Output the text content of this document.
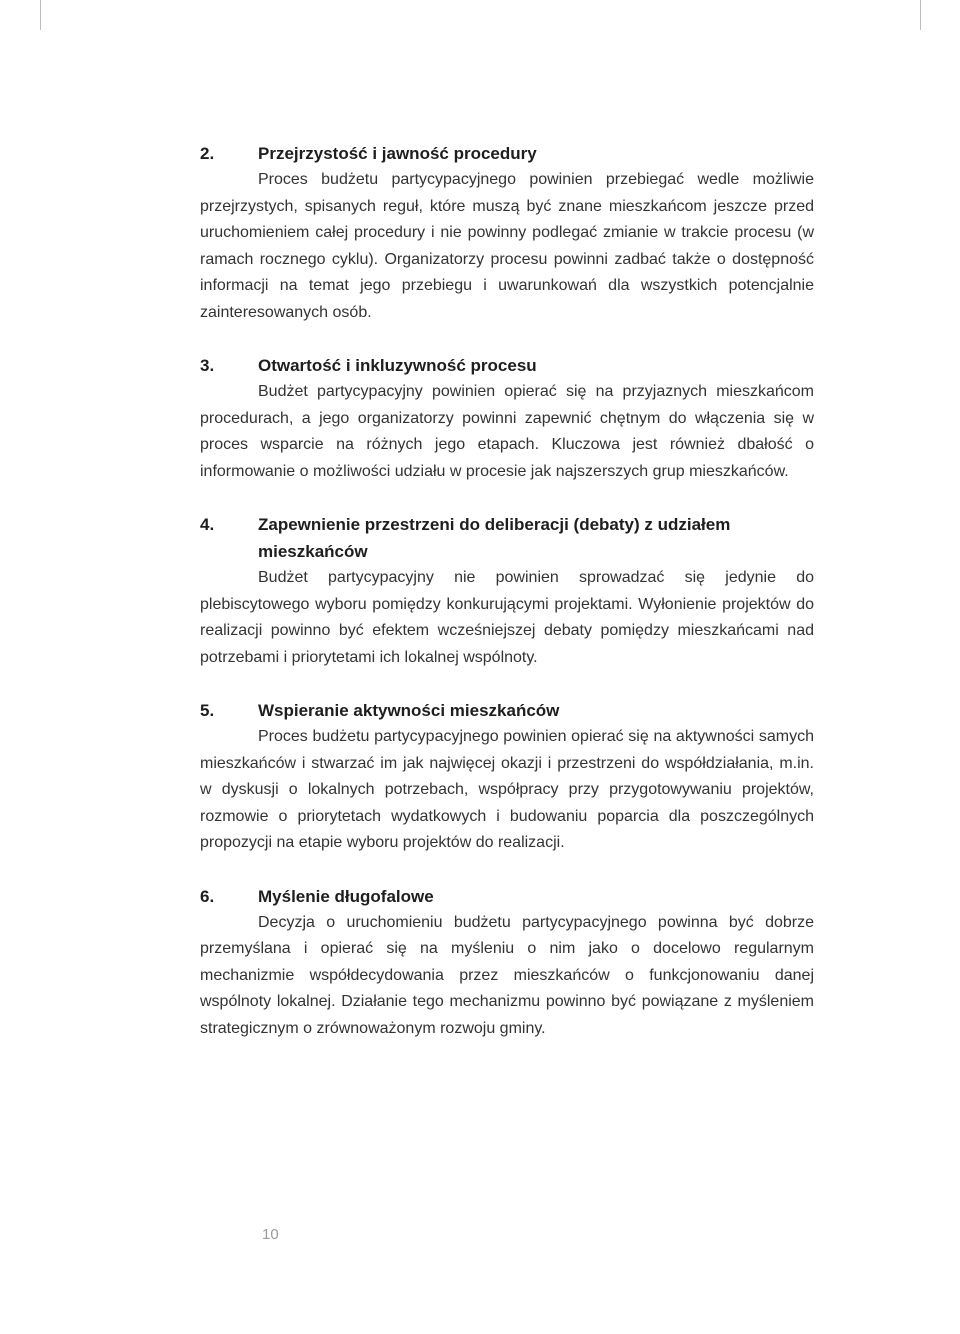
2.	Przejrzystość i jawność procedury

Proces budżetu partycypacyjnego powinien przebiegać wedle możliwie przejrzystych, spisanych reguł, które muszą być znane mieszkańcom jeszcze przed uruchomieniem całej procedury i nie powinny podlegać zmianie w trakcie procesu (w ramach rocznego cyklu). Organizatorzy procesu powinni zadbać także o dostępność informacji na temat jego przebiegu i uwarunkowań dla wszystkich potencjalnie zainteresowanych osób.

3.	Otwartość i inkluzywność procesu

Budżet partycypacyjny powinien opierać się na przyjaznych mieszkańcom procedurach, a jego organizatorzy powinni zapewnić chętnym do włączenia się w proces wsparcie na różnych jego etapach. Kluczowa jest również dbałość o informowanie o możliwości udziału w procesie jak najszerszych grup mieszkańców.

4.	Zapewnienie przestrzeni do deliberacji (debaty) z udziałem mieszkańców

Budżet partycypacyjny nie powinien sprowadzać się jedynie do plebiscytowego wyboru pomiędzy konkurującymi projektami. Wyłonienie projektów do realizacji powinno być efektem wcześniejszej debaty pomiędzy mieszkańcami nad potrzebami i priorytetami ich lokalnej wspólnoty.

5.	Wspieranie aktywności mieszkańców

Proces budżetu partycypacyjnego powinien opierać się na aktywności samych mieszkańców i stwarzać im jak najwięcej okazji i przestrzeni do współdziałania, m.in. w dyskusji o lokalnych potrzebach, współpracy przy przygotowywaniu projektów, rozmowie o priorytetach wydatkowych i budowaniu poparcia dla poszczególnych propozycji na etapie wyboru projektów do realizacji.

6.	Myślenie długofalowe

Decyzja o uruchomieniu budżetu partycypacyjnego powinna być dobrze przemyślana i opierać się na myśleniu o nim jako o docelowo regularnym mechanizmie współdecydowania przez mieszkańców o funkcjonowaniu danej wspólnoty lokalnej. Działanie tego mechanizmu powinno być powiązane z myśleniem strategicznym o zrównoważonym rozwoju gminy.

10
